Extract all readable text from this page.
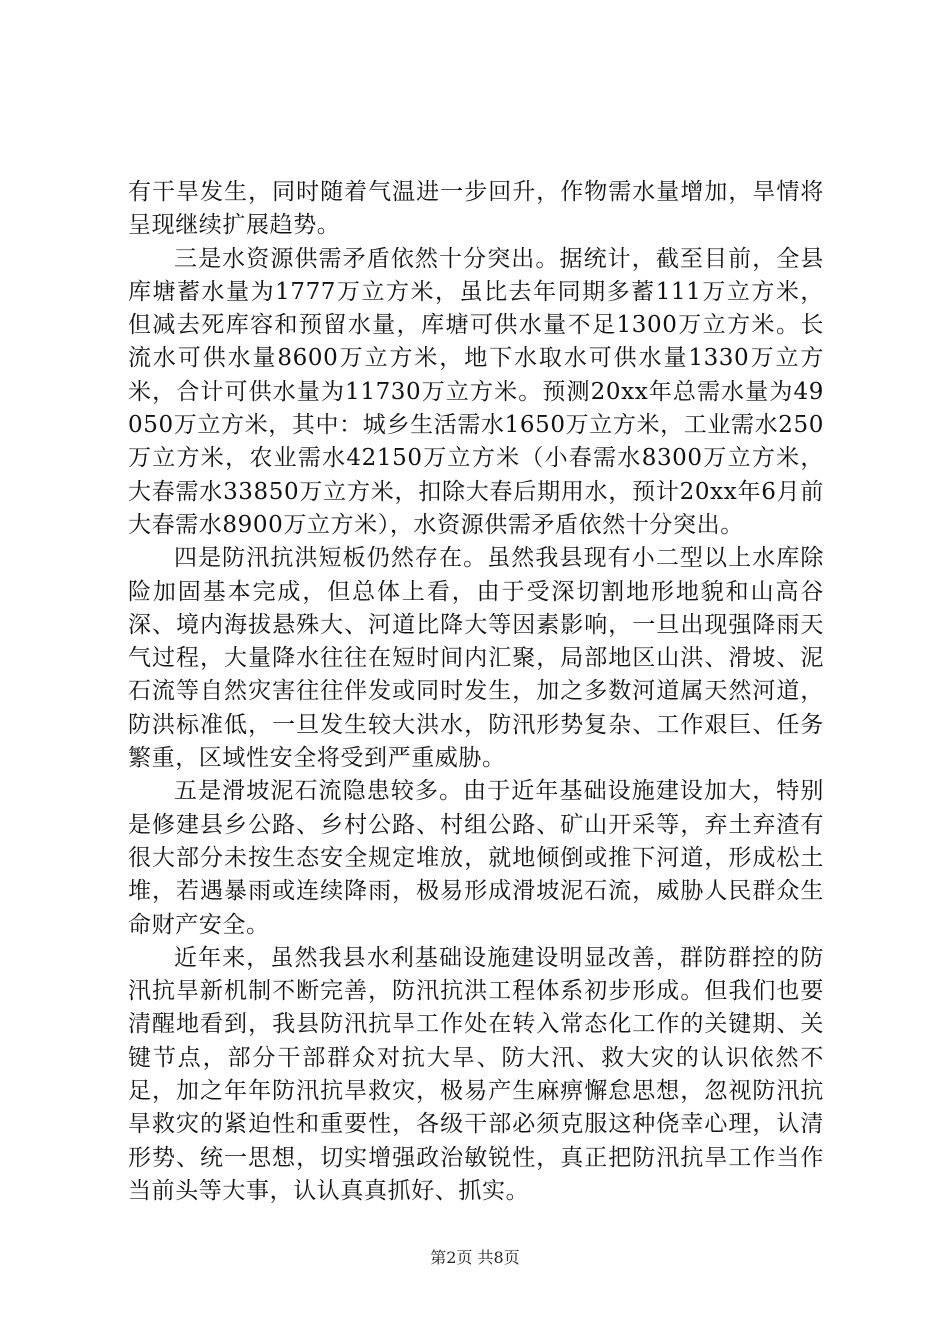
有干旱发生，同时随着气温进一步回升，作物需水量增加，旱情将呈现继续扩展趋势。

三是水资源供需矛盾依然十分突出。据统计，截至目前，全县库塘蓄水量为1777万立方米，虽比去年同期多蓄111万立方米，但减去死库容和预留水量，库塘可供水量不足1300万立方米。长流水可供水量8600万立方米，地下水取水可供水量1330万立方米，合计可供水量为11730万立方米。预测20xx年总需水量为49050万立方米，其中：城乡生活需水1650万立方米，工业需水250万立方米，农业需水42150万立方米（小春需水8300万立方米，大春需水33850万立方米，扣除大春后期用水，预计20xx年6月前大春需水8900万立方米），水资源供需矛盾依然十分突出。

四是防汛抗洪短板仍然存在。虽然我县现有小二型以上水库除险加固基本完成，但总体上看，由于受深切割地形地貌和山高谷深、境内海拔悬殊大、河道比降大等因素影响，一旦出现强降雨天气过程，大量降水往往在短时间内汇聚，局部地区山洪、滑坡、泥石流等自然灾害往往伴发或同时发生，加之多数河道属天然河道，防洪标准低，一旦发生较大洪水，防汛形势复杂、工作艰巨、任务繁重，区域性安全将受到严重威胁。

五是滑坡泥石流隐患较多。由于近年基础设施建设加大，特别是修建县乡公路、乡村公路、村组公路、矿山开采等，弃土弃渣有很大部分未按生态安全规定堆放，就地倾倒或推下河道，形成松土堆，若遇暴雨或连续降雨，极易形成滑坡泥石流，威胁人民群众生命财产安全。

近年来，虽然我县水利基础设施建设明显改善，群防群控的防汛抗旱新机制不断完善，防汛抗洪工程体系初步形成。但我们也要清醒地看到，我县防汛抗旱工作处在转入常态化工作的关键期、关键节点，部分干部群众对抗大旱、防大汛、救大灾的认识依然不足，加之年年防汛抗旱救灾，极易产生麻痹懈怠思想，忽视防汛抗旱救灾的紧迫性和重要性，各级干部必须克服这种侥幸心理，认清形势、统一思想，切实增强政治敏锐性，真正把防汛抗旱工作当作当前头等大事，认认真真抓好、抓实。

第2页 共8页
